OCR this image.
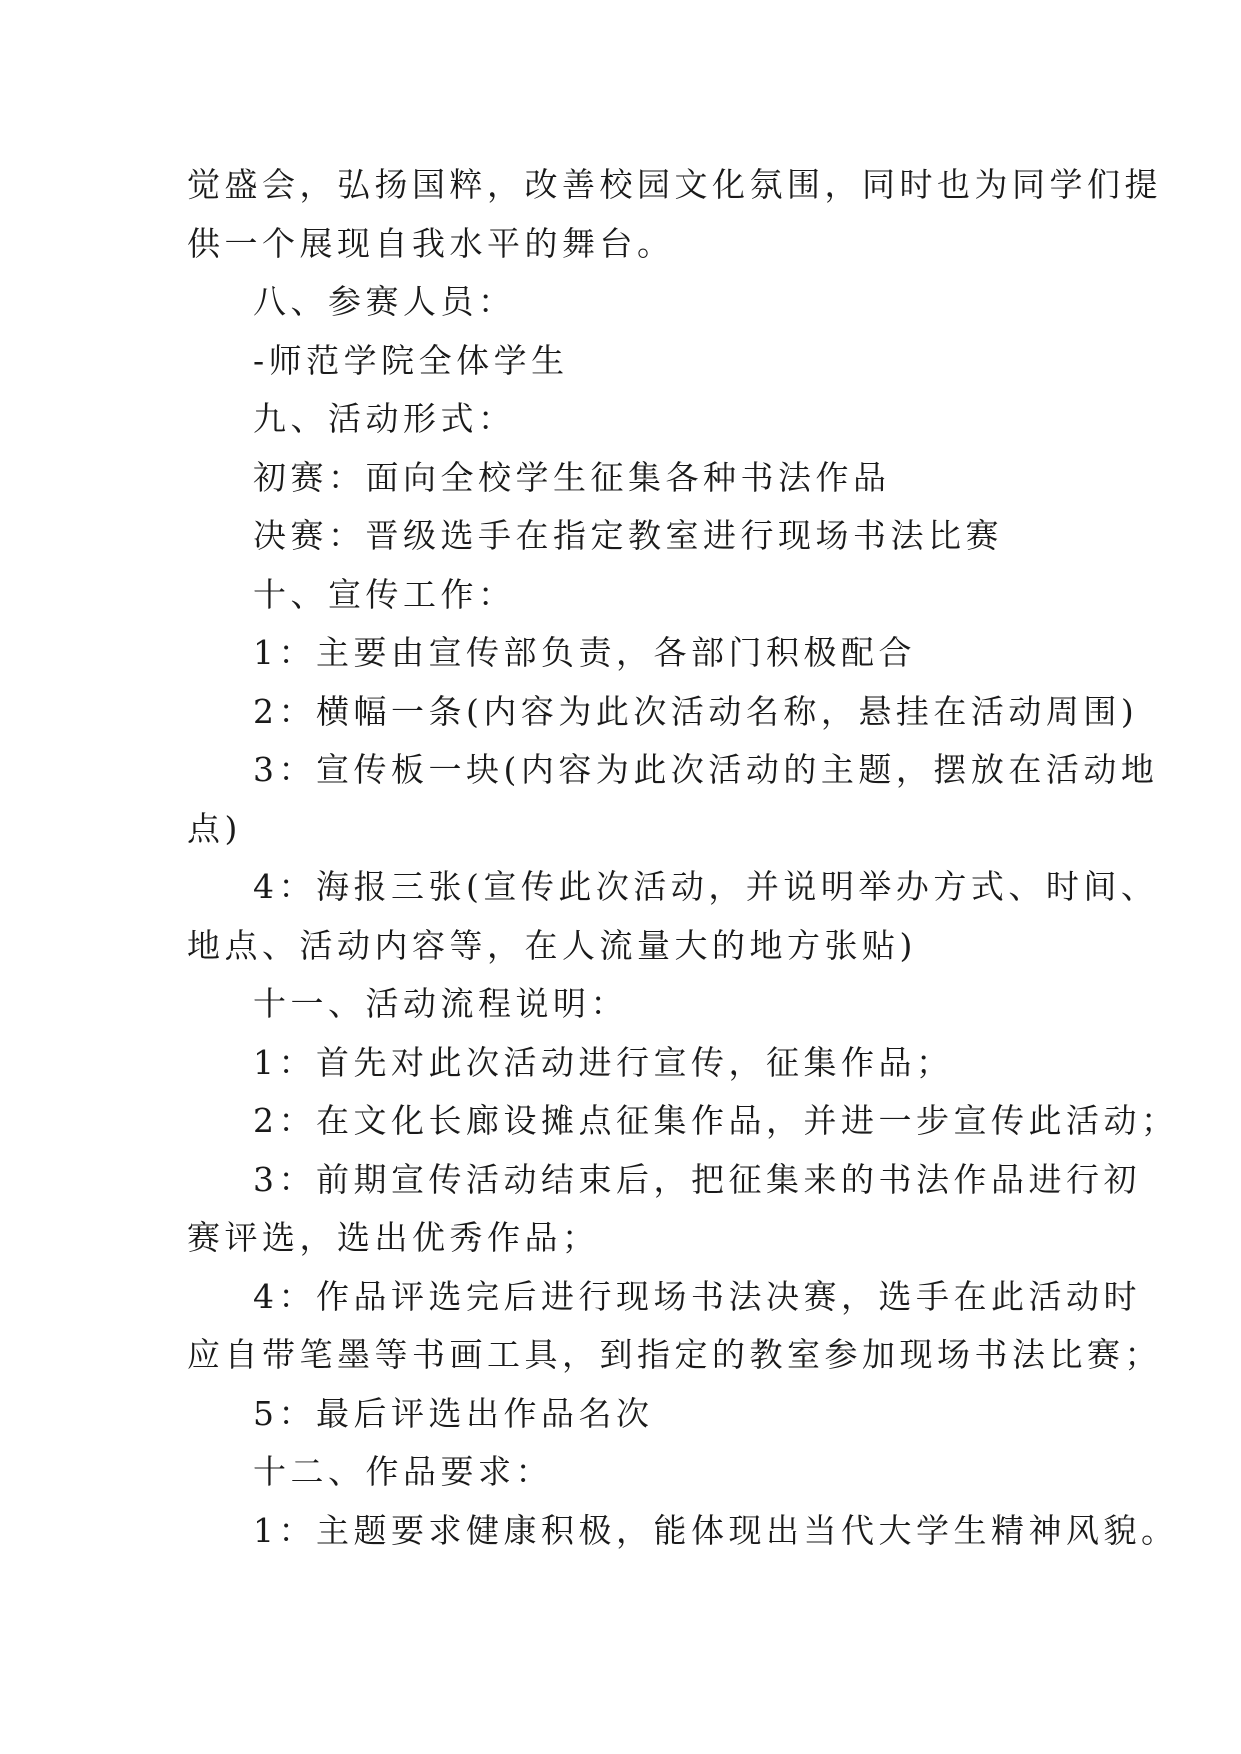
觉盛会，弘扬国粹，改善校园文化氛围，同时也为同学们提
供一个展现自我水平的舞台。
八、参赛人员：
-师范学院全体学生
九、活动形式：
初赛：面向全校学生征集各种书法作品
决赛：晋级选手在指定教室进行现场书法比赛
十、宣传工作：
1：主要由宣传部负责，各部门积极配合
2：横幅一条(内容为此次活动名称，悬挂在活动周围)
3：宣传板一块(内容为此次活动的主题，摆放在活动地
点)
4：海报三张(宣传此次活动，并说明举办方式、时间、
地点、活动内容等，在人流量大的地方张贴)
十一、活动流程说明：
1：首先对此次活动进行宣传，征集作品；
2：在文化长廊设摊点征集作品，并进一步宣传此活动；
3：前期宣传活动结束后，把征集来的书法作品进行初
赛评选，选出优秀作品；
4：作品评选完后进行现场书法决赛，选手在此活动时
应自带笔墨等书画工具，到指定的教室参加现场书法比赛；
5：最后评选出作品名次
十二、作品要求：
1：主题要求健康积极，能体现出当代大学生精神风貌。
